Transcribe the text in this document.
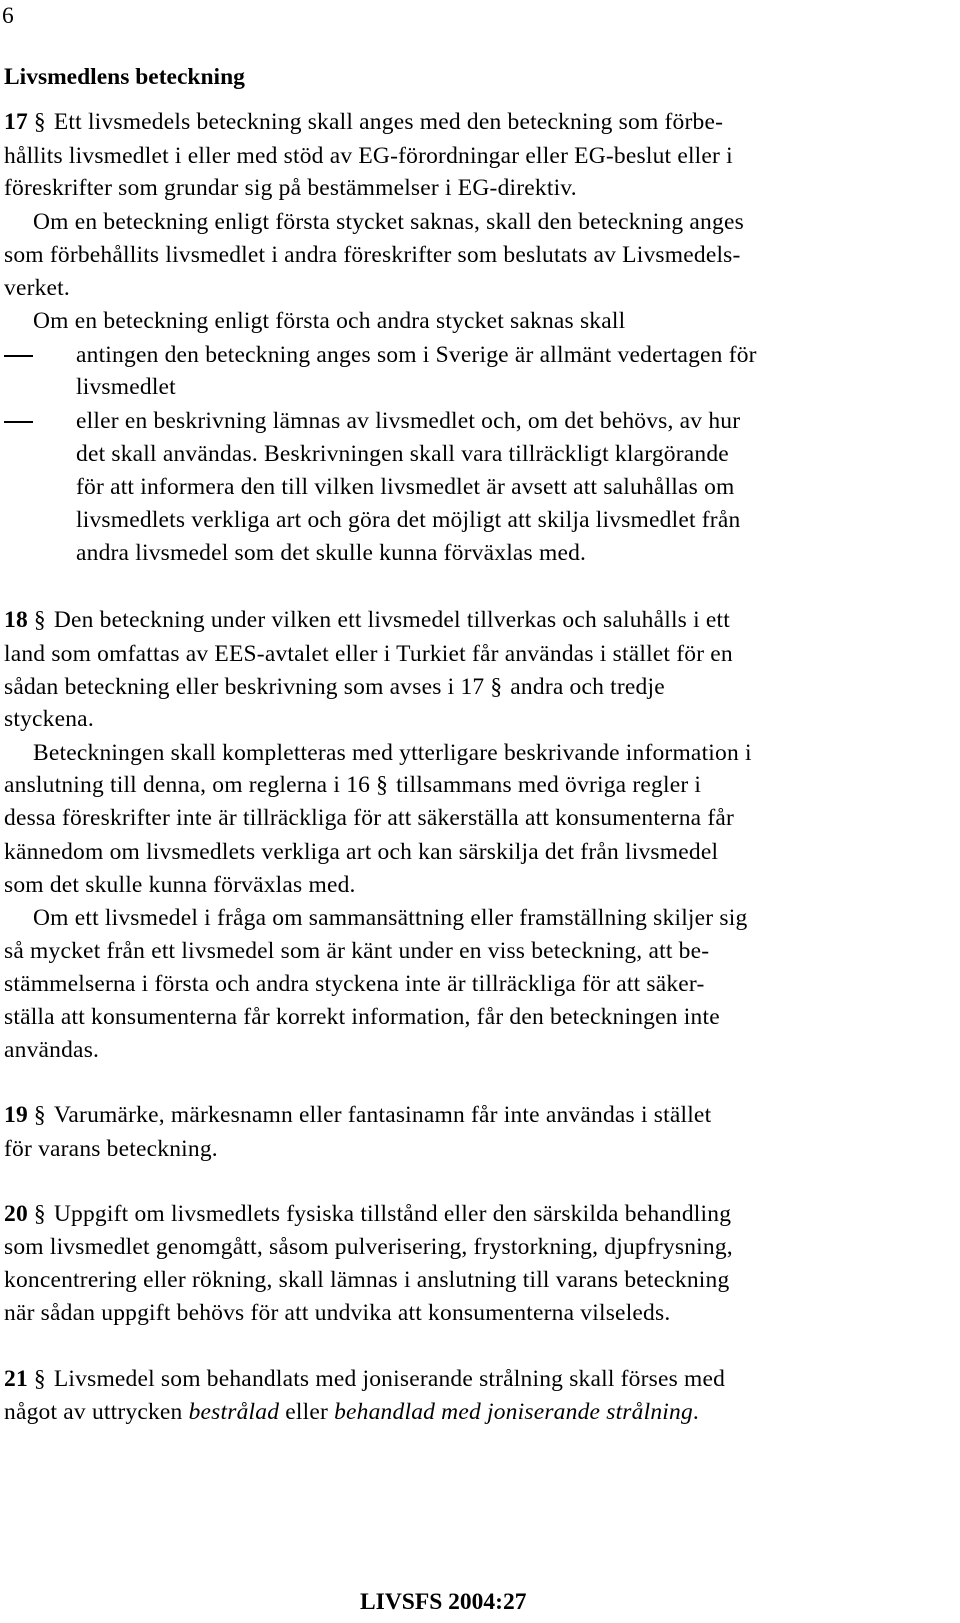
6
Livsmedlens beteckning
17 § Ett livsmedels beteckning skall anges med den beteckning som förbe-
hållits livsmedlet i eller med stöd av EG-förordningar eller EG-beslut eller i
föreskrifter som grundar sig på bestämmelser i EG-direktiv.
Om en beteckning enligt första stycket saknas, skall den beteckning anges
som förbehållits livsmedlet i andra föreskrifter som beslutats av Livsmedels-
verket.
Om en beteckning enligt första och andra stycket saknas skall
antingen den beteckning anges som i Sverige är allmänt vedertagen för
livsmedlet
eller en beskrivning lämnas av livsmedlet och, om det behövs, av hur
det skall användas. Beskrivningen skall vara tillräckligt klargörande
för att informera den till vilken livsmedlet är avsett att saluhållas om
livsmedlets verkliga art och göra det möjligt att skilja livsmedlet från
andra livsmedel som det skulle kunna förväxlas med.
18 § Den beteckning under vilken ett livsmedel tillverkas och saluhålls i ett
land som omfattas av EES-avtalet eller i Turkiet får användas i stället för en
sådan beteckning eller beskrivning som avses i 17 § andra och tredje
styckena.
Beteckningen skall kompletteras med ytterligare beskrivande information i
anslutning till denna, om reglerna i 16 § tillsammans med övriga regler i
dessa föreskrifter inte är tillräckliga för att säkerställa att konsumenterna får
kännedom om livsmedlets verkliga art och kan särskilja det från livsmedel
som det skulle kunna förväxlas med.
Om ett livsmedel i fråga om sammansättning eller framställning skiljer sig
så mycket från ett livsmedel som är känt under en viss beteckning, att be-
stämmelserna i första och andra styckena inte är tillräckliga för att säker-
ställa att konsumenterna får korrekt information, får den beteckningen inte
användas.
19 § Varumärke, märkesnamn eller fantasinamn får inte användas i stället
för varans beteckning.
20 § Uppgift om livsmedlets fysiska tillstånd eller den särskilda behandling
som livsmedlet genomgått, såsom pulverisering, frystorkning, djupfrysning,
koncentrering eller rökning, skall lämnas i anslutning till varans beteckning
när sådan uppgift behövs för att undvika att konsumenterna vilseleds.
21 § Livsmedel som behandlats med joniserande strålning skall förses med
något av uttrycken bestrålad eller behandlad med joniserande strålning.
LIVSFS 2004:27
